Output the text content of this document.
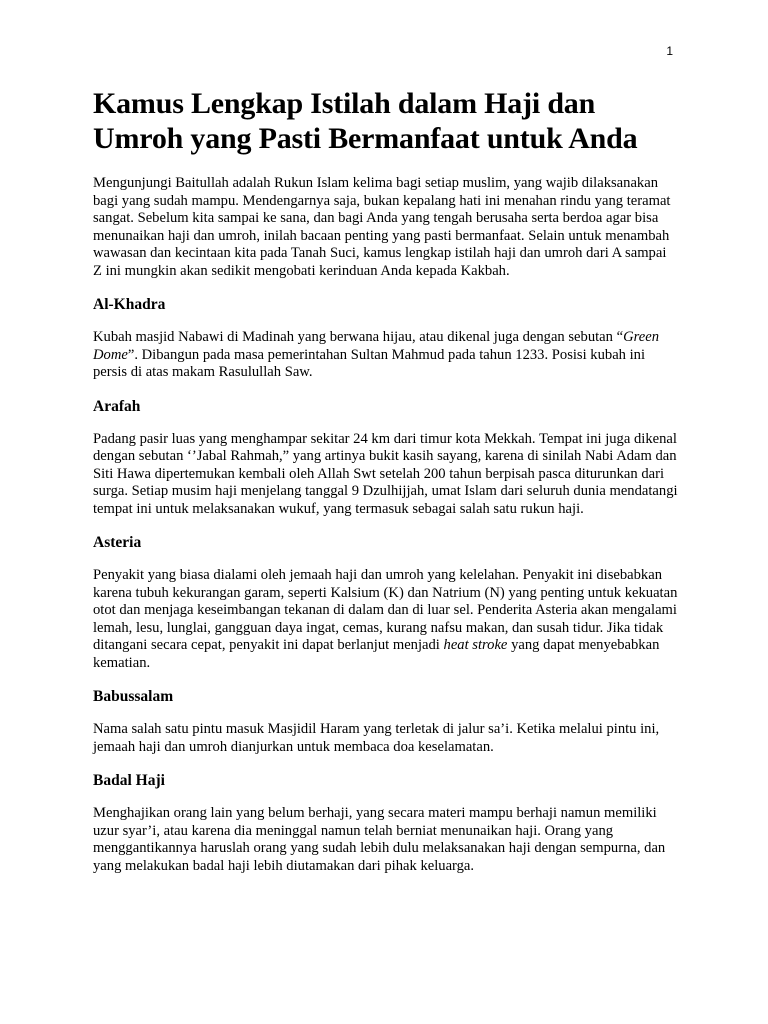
1
Kamus Lengkap Istilah dalam Haji dan Umroh yang Pasti Bermanfaat untuk Anda

Mengunjungi Baitullah adalah Rukun Islam kelima bagi setiap muslim, yang wajib dilaksanakan bagi yang sudah mampu. Mendengarnya saja, bukan kepalang hati ini menahan rindu yang teramat sangat. Sebelum kita sampai ke sana, dan bagi Anda yang tengah berusaha serta berdoa agar bisa menunaikan haji dan umroh, inilah bacaan penting yang pasti bermanfaat. Selain untuk menambah wawasan dan kecintaan kita pada Tanah Suci, kamus lengkap istilah haji dan umroh dari A sampai Z ini mungkin akan sedikit mengobati kerinduan Anda kepada Kakbah.

Al-Khadra

Kubah masjid Nabawi di Madinah yang berwana hijau, atau dikenal juga dengan sebutan “Green Dome”. Dibangun pada masa pemerintahan Sultan Mahmud pada tahun 1233. Posisi kubah ini persis di atas makam Rasulullah Saw.

Arafah

Padang pasir luas yang menghampar sekitar 24 km dari timur kota Mekkah. Tempat ini juga dikenal dengan sebutan ‘’Jabal Rahmah,” yang artinya bukit kasih sayang, karena di sinilah Nabi Adam dan Siti Hawa dipertemukan kembali oleh Allah Swt setelah 200 tahun berpisah pasca diturunkan dari surga. Setiap musim haji menjelang tanggal 9 Dzulhijjah, umat Islam dari seluruh dunia mendatangi tempat ini untuk melaksanakan wukuf, yang termasuk sebagai salah satu rukun haji.

Asteria

Penyakit yang biasa dialami oleh jemaah haji dan umroh yang kelelahan. Penyakit ini disebabkan karena tubuh kekurangan garam, seperti Kalsium (K) dan Natrium (N) yang penting untuk kekuatan otot dan menjaga keseimbangan tekanan di dalam dan di luar sel. Penderita Asteria akan mengalami lemah, lesu, lunglai, gangguan daya ingat, cemas, kurang nafsu makan, dan susah tidur. Jika tidak ditangani secara cepat, penyakit ini dapat berlanjut menjadi heat stroke yang dapat menyebabkan kematian.

Babussalam

Nama salah satu pintu masuk Masjidil Haram yang terletak di jalur sa’i. Ketika melalui pintu ini, jemaah haji dan umroh dianjurkan untuk membaca doa keselamatan.

Badal Haji

Menghajikan orang lain yang belum berhaji, yang secara materi mampu berhaji namun memiliki uzur syar’i, atau karena dia meninggal namun telah berniat menunaikan haji. Orang yang menggantikannya haruslah orang yang sudah lebih dulu melaksanakan haji dengan sempurna, dan yang melakukan badal haji lebih diutamakan dari pihak keluarga.
